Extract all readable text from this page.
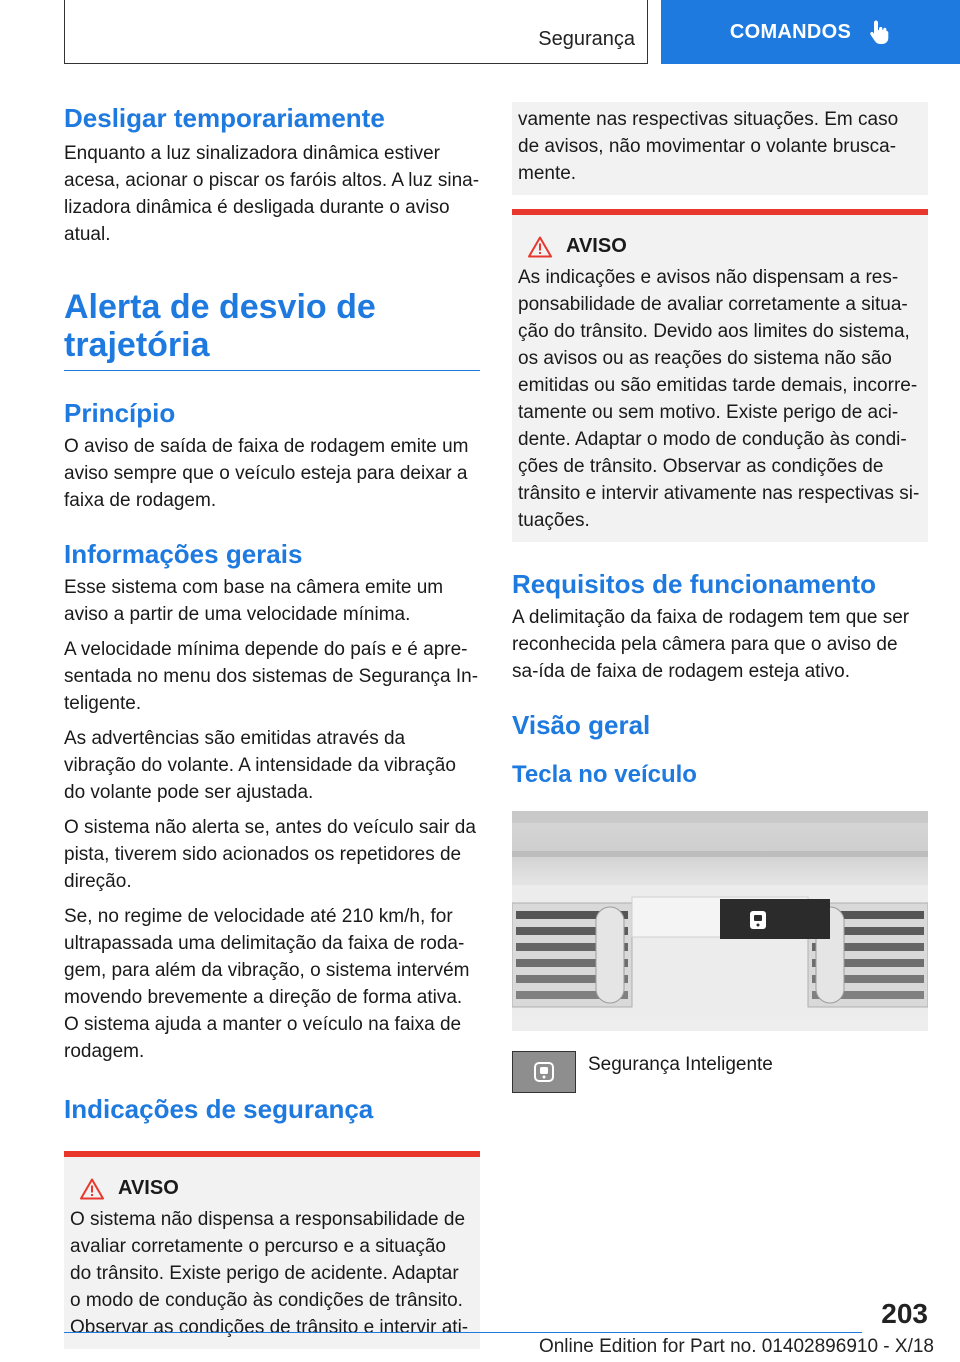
Segurança	COMANDOS
Desligar temporariamente

Enquanto a luz sinalizadora dinâmica estiver acesa, acionar o piscar os faróis altos. A luz sina-lizadora dinâmica é desligada durante o aviso atual.

Alerta de desvio de
trajetória
Princípio

O aviso de saída de faixa de rodagem emite um aviso sempre que o veículo esteja para deixar a faixa de rodagem.

Informações gerais

Esse sistema com base na câmera emite um aviso a partir de uma velocidade mínima.

A velocidade mínima depende do país e é apre-sentada no menu dos sistemas de Segurança In-teligente.

As advertências são emitidas através da vibração do volante. A intensidade da vibração do volante pode ser ajustada.

O sistema não alerta se, antes do veículo sair da pista, tiverem sido acionados os repetidores de direção.

Se, no regime de velocidade até 210 km/h, for ultrapassada uma delimitação da faixa de roda-gem, para além da vibração, o sistema intervém movendo brevemente a direção de forma ativa. O sistema ajuda a manter o veículo na faixa de rodagem.

Indicações de segurança
AVISO

O sistema não dispensa a responsabilidade de avaliar corretamente o percurso e a situação do trânsito. Existe perigo de acidente. Adaptar o modo de condução às condições de trânsito. Observar as condições de trânsito e intervir ati-

vamente nas respectivas situações. Em caso de avisos, não movimentar o volante brusca-mente.

AVISO

As indicações e avisos não dispensam a res-ponsabilidade de avaliar corretamente a situa-ção do trânsito. Devido aos limites do sistema, os avisos ou as reações do sistema não são emitidas ou são emitidas tarde demais, incorre-tamente ou sem motivo. Existe perigo de aci-dente. Adaptar o modo de condução às condi-ções de trânsito. Observar as condições de trânsito e intervir ativamente nas respectivas si-tuações.

Requisitos de funcionamento

A delimitação da faixa de rodagem tem que ser reconhecida pela câmera para que o aviso de sa-ída de faixa de rodagem esteja ativo.

Visão geral
Tecla no veículo
Segurança Inteligente
203
Online Edition for Part no. 01402896910 - X/18
